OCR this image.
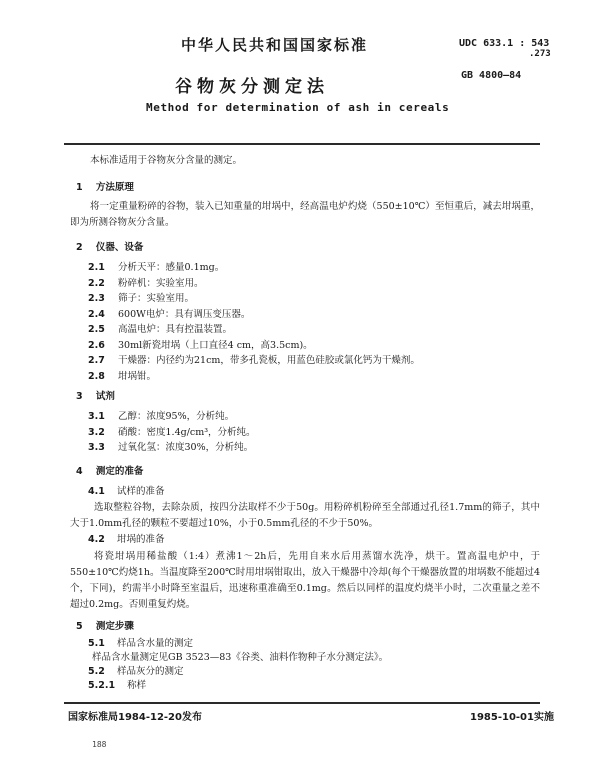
中华人民共和国国家标准	UDC 633.1 : 543
.273
GB 4800—84
谷物灰分测定法
Method for determination of ash in cereals
本标准适用于谷物灰分含量的测定。
1 方法原理
将一定重量粉碎的谷物，装入已知重量的坩埚中，经高温电炉灼烧（550±10℃）至恒重后，减去坩埚重，即为所测谷物灰分含量。
2 仪器、设备
2.1 分析天平：感量0.1mg。
2.2 粉碎机：实验室用。
2.3 筛子：实验室用。
2.4 600W电炉：具有调压变压器。
2.5 高温电炉：具有控温装置。
2.6 30ml新瓷坩埚（上口直径4 cm，高3.5cm)。
2.7 干燥器：内径约为21cm，带多孔瓷板，用蓝色硅胶或氯化钙为干燥剂。
2.8 坩埚钳。
3 试剂
3.1 乙醇：浓度95%，分析纯。
3.2 硝酸：密度1.4g/cm³，分析纯。
3.3 过氧化氢：浓度30%，分析纯。
4 测定的准备
4.1 试样的准备
选取整粒谷物，去除杂质，按四分法取样不少于50g。用粉碎机粉碎至全部通过孔径1.7mm的筛子，其中大于1.0mm孔径的颗粒不要超过10%，小于0.5mm孔径的不少于50%。
4.2 坩埚的准备
将瓷坩埚用稀盐酸（1:4）煮沸1～2h后，先用自来水后用蒸馏水洗净，烘干。置高温电炉中，于550±10℃灼烧1h。当温度降至200℃时用坩埚钳取出，放入干燥器中冷却(每个干燥器放置的坩埚数不能超过4个，下同)，约需半小时降至室温后，迅速称重准确至0.1mg。然后以同样的温度灼烧半小时，二次重量之差不超过0.2mg。否则重复灼烧。
5 测定步骤
5.1 样品含水量的测定
样品含水量测定见GB 3523—83《谷类、油料作物种子水分测定法》。
5.2 样品灰分的测定
5.2.1 称样
国家标准局1984-12-20发布	1985-10-01实施
188
